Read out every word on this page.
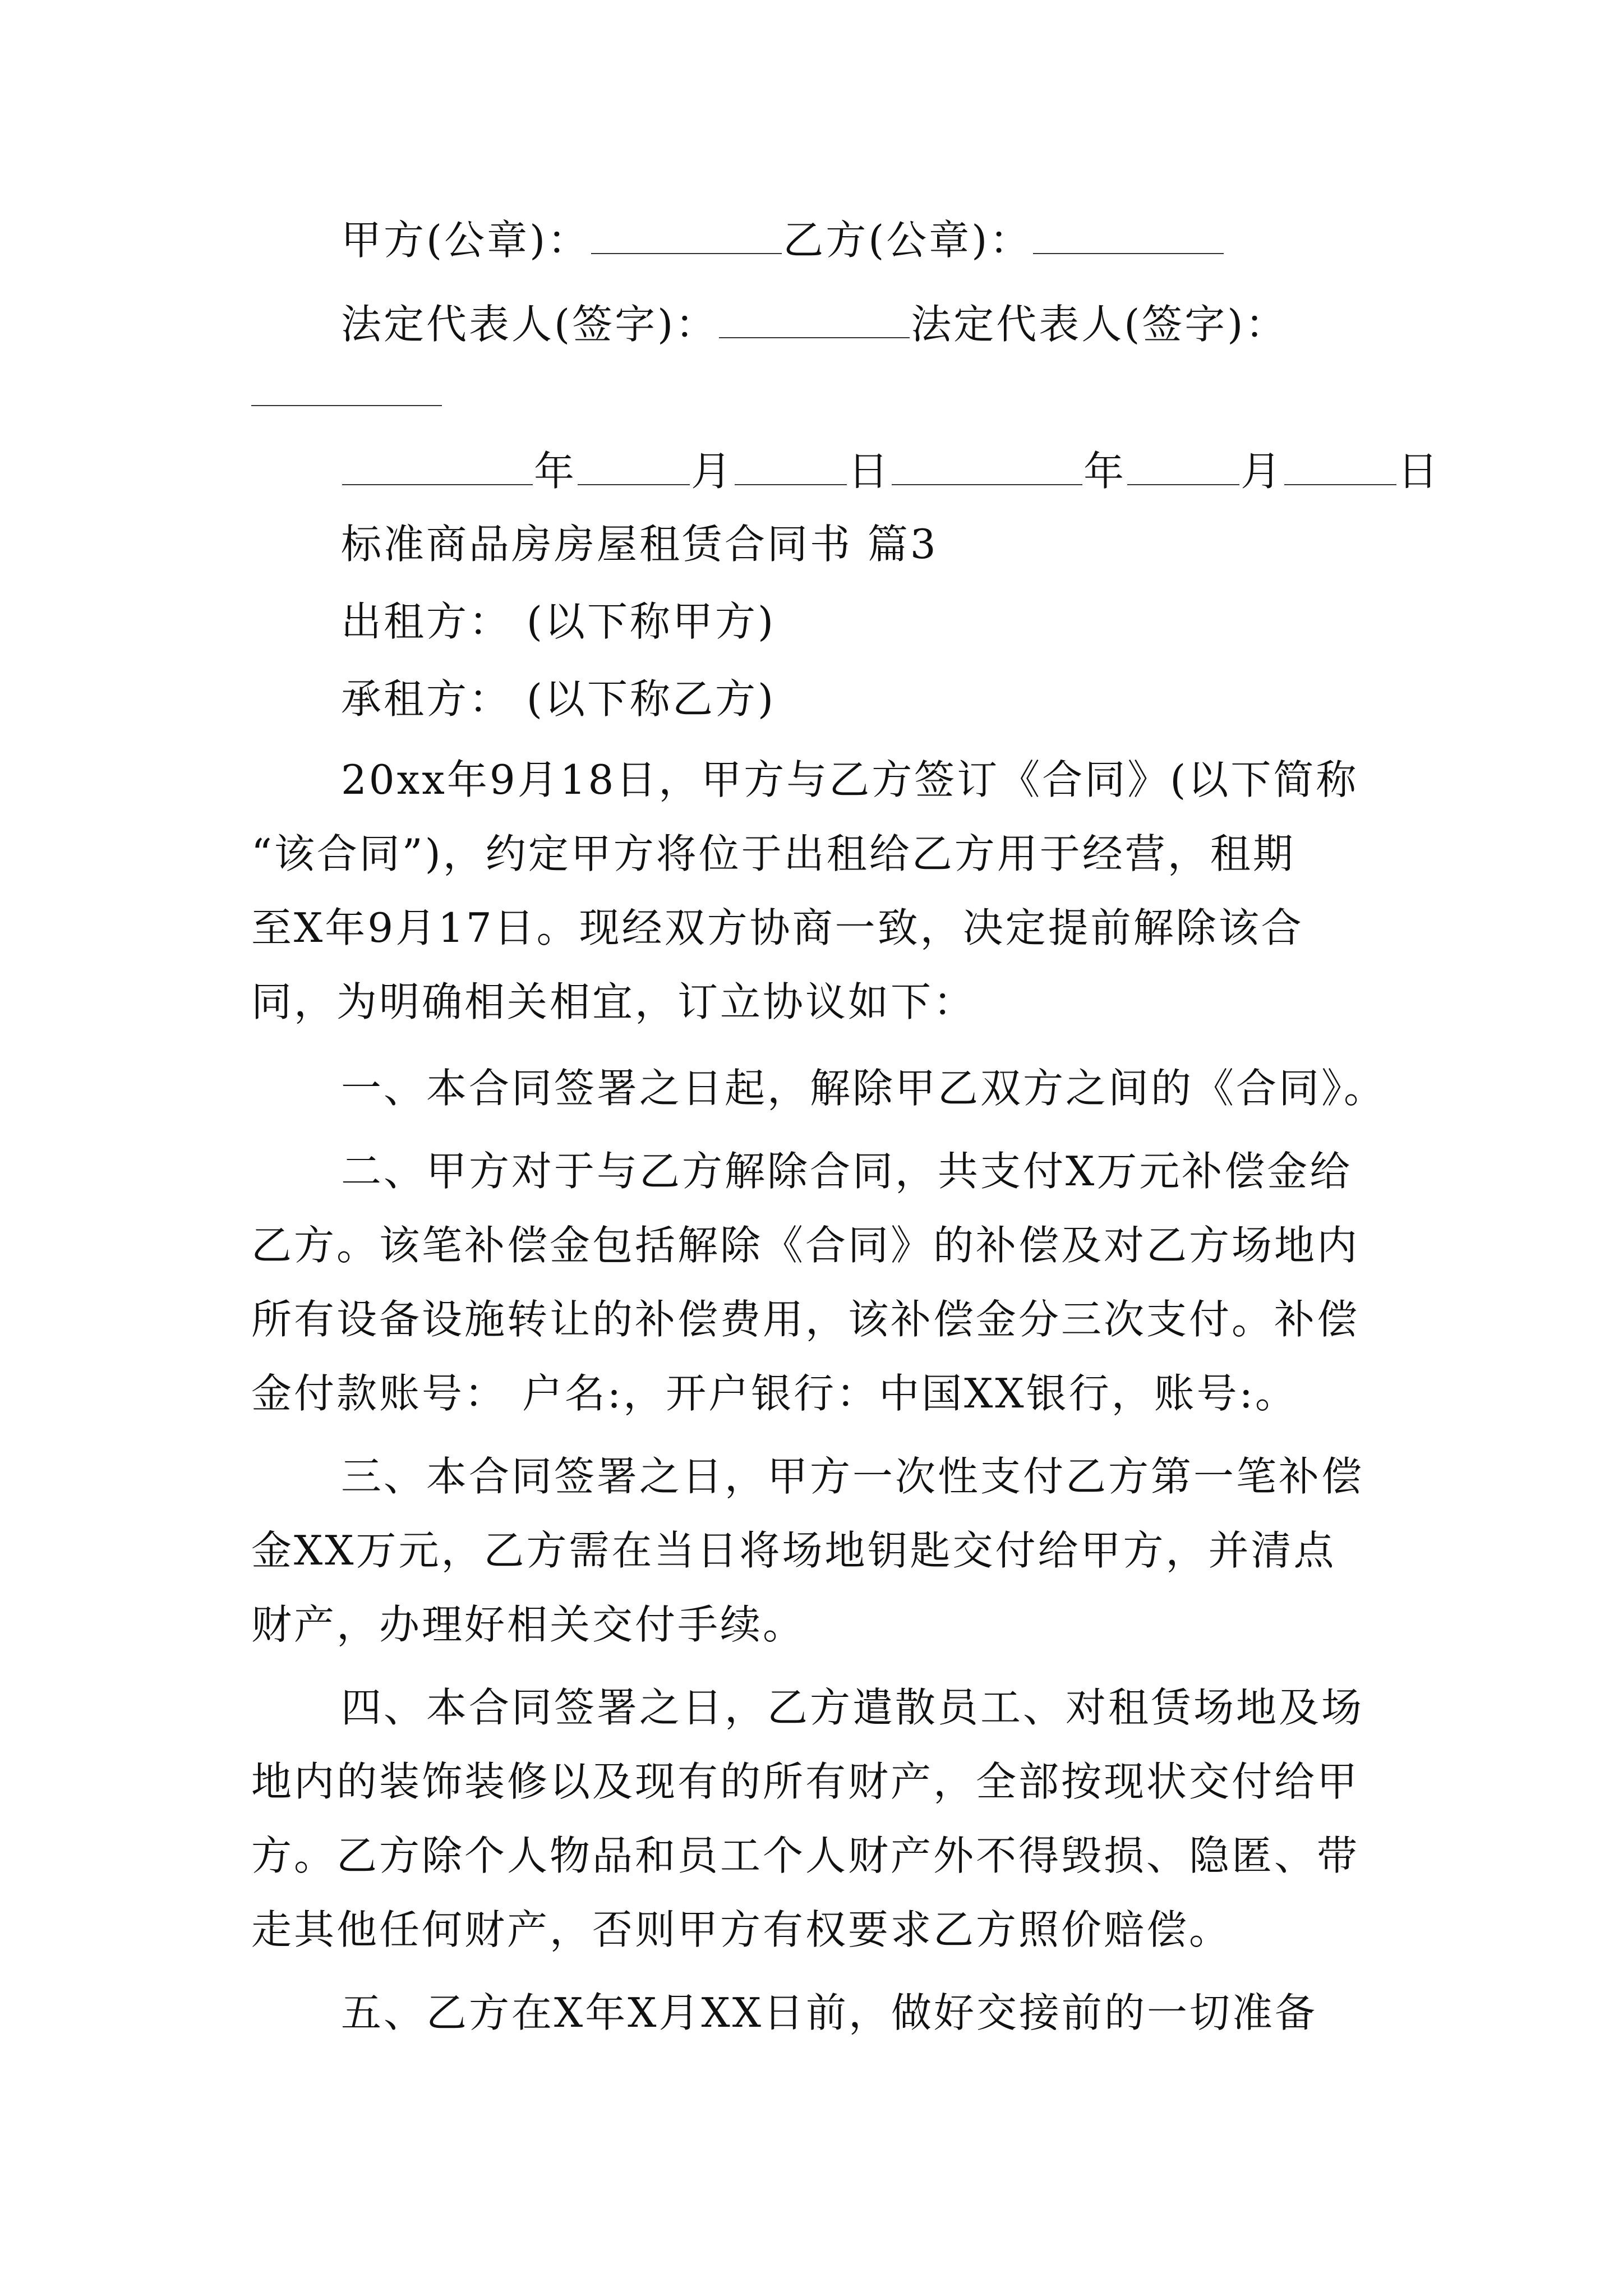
甲方(公章)：	乙方(公章)：
法定代表人(签字)：	法定代表人(签字)：
年	月	日	年	月	日
标准商品房房屋租赁合同书 篇3
出租方： (以下称甲方)
承租方： (以下称乙方)
20xx年9月18日，甲方与乙方签订《合同》(以下简称
“该合同”)，约定甲方将位于出租给乙方用于经营，租期
至X年9月17日。现经双方协商一致，决定提前解除该合
同，为明确相关相宜，订立协议如下：
一、本合同签署之日起，解除甲乙双方之间的《合同》。
二、甲方对于与乙方解除合同，共支付X万元补偿金给
乙方。该笔补偿金包括解除《合同》的补偿及对乙方场地内
所有设备设施转让的补偿费用，该补偿金分三次支付。补偿
金付款账号： 户名:，开户银行：中国XX银行，账号:。
三、本合同签署之日，甲方一次性支付乙方第一笔补偿
金XX万元，乙方需在当日将场地钥匙交付给甲方，并清点
财产，办理好相关交付手续。
四、本合同签署之日，乙方遣散员工、对租赁场地及场
地内的装饰装修以及现有的所有财产，全部按现状交付给甲
方。乙方除个人物品和员工个人财产外不得毁损、隐匿、带
走其他任何财产，否则甲方有权要求乙方照价赔偿。
五、乙方在X年X月XX日前，做好交接前的一切准备
